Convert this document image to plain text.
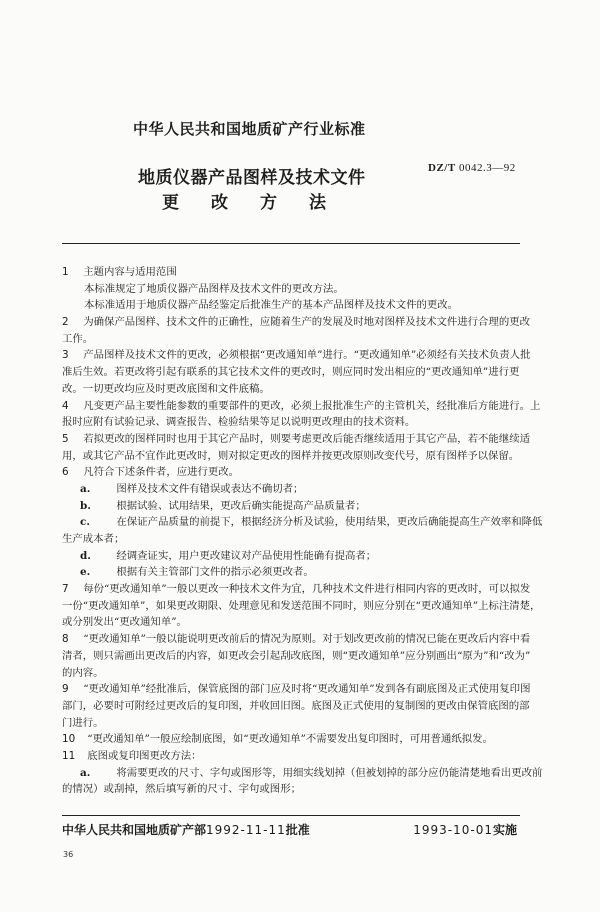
中华人民共和国地质矿产行业标准
DZ/T 0042.3—92
地质仪器产品图样及技术文件
更 改 方 法
1  主题内容与适用范围
本标准规定了地质仪器产品图样及技术文件的更改方法。
本标准适用于地质仪器产品经鉴定后批准生产的基本产品图样及技术文件的更改。
2  为确保产品图样、技术文件的正确性，应随着生产的发展及时地对图样及技术文件进行合理的更改
工作。
3  产品图样及技术文件的更改，必须根据“更改通知单”进行。“更改通知单”必须经有关技术负责人批
准后生效。若更改将引起有联系的其它技术文件的更改时，则应同时发出相应的“更改通知单”进行更
改。一切更改均应及时更改底图和文件底稿。
4  凡变更产品主要性能参数的重要部件的更改，必须上报批准生产的主管机关，经批准后方能进行。上
报时应附有试验记录、调查报告、检验结果等足以说明更改理由的技术资料。
5  若拟更改的图样同时也用于其它产品时，则要考虑更改后能否继续适用于其它产品，若不能继续适
用，或其它产品不宜作此更改时，则对拟定更改的图样并按更改原则改变代号，原有图样予以保留。
6  凡符合下述条件者，应进行更改。
a. 	图样及技术文件有错误或表达不确切者；
b.  根据试验、试用结果，更改后确实能提高产品质量者；
c. 	在保证产品质量的前提下，根据经济分析及试验，使用结果，更改后确能提高生产效率和降低
生产成本者；
d.  经调查证实，用户更改建议对产品使用性能确有提高者；
e. 	根据有关主管部门文件的指示必须更改者。
7  每份“更改通知单”一般以更改一种技术文件为宜，几种技术文件进行相同内容的更改时，可以拟发
一份“更改通知单”，如果更改期限、处理意见和发送范围不同时，则应分别在“更改通知单”上标注清楚，
或分别发出“更改通知单”。
8  “更改通知单”一般以能说明更改前后的情况为原则。对于划改更改前的情况已能在更改后内容中看
清者，则只需画出更改后的内容，如更改会引起刮改底图，则“更改通知单”应分别画出“原为”和“改为”
的内容。
9  “更改通知单”经批准后，保管底图的部门应及时将“更改通知单”发到各有副底图及正式使用复印图
部门，必要时可附经过更改后的复印图，并收回旧图。底图及正式使用的复制图的更改由保管底图的部
门进行。
10  “更改通知单”一般应绘制底图，如“更改通知单”不需要发出复印图时，可用普通纸拟发。
11  底图或复印图更改方法：
a. 	将需要更改的尺寸、字句或图形等，用细实线划掉（但被划掉的部分应仍能清楚地看出更改前
的情况）或刮掉，然后填写新的尺寸、字句或图形；
中华人民共和国地质矿产部1992-11-11批准	1993-10-01实施
36
